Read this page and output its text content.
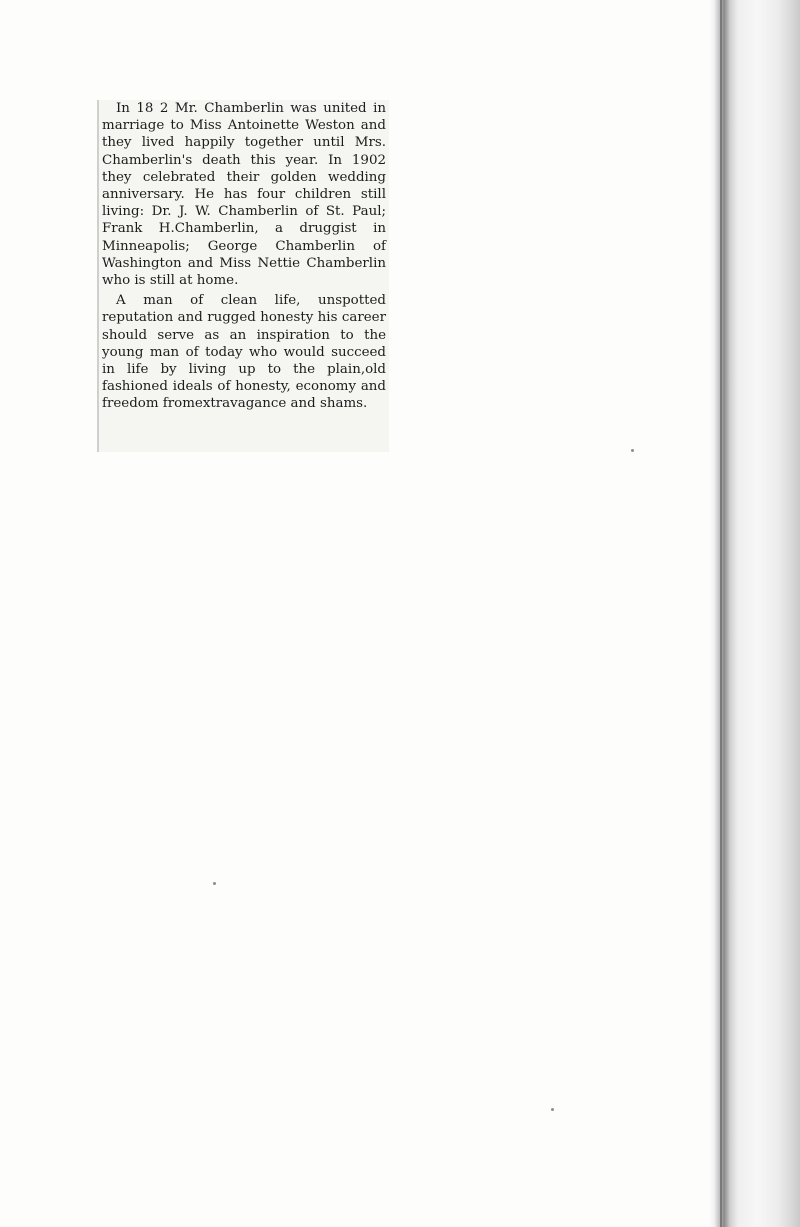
In 18 2 Mr. Chamberlin was united in marriage to Miss Antoinette Weston and they lived happily together until Mrs. Chamberlin's death this year. In 1902 they celebrated their golden wedding anniversary. He has four children still living: Dr. J. W. Chamberlin of St. Paul; Frank H.Chamberlin, a druggist in Minneapolis; George Chamberlin of Washington and Miss Nettie Chamberlin who is still at home.

A man of clean life, unspotted reputation and rugged honesty his career should serve as an inspiration to the young man of today who would succeed in life by living up to the plain,old fashioned ideals of honesty, economy and freedom fromextravagance and shams.
